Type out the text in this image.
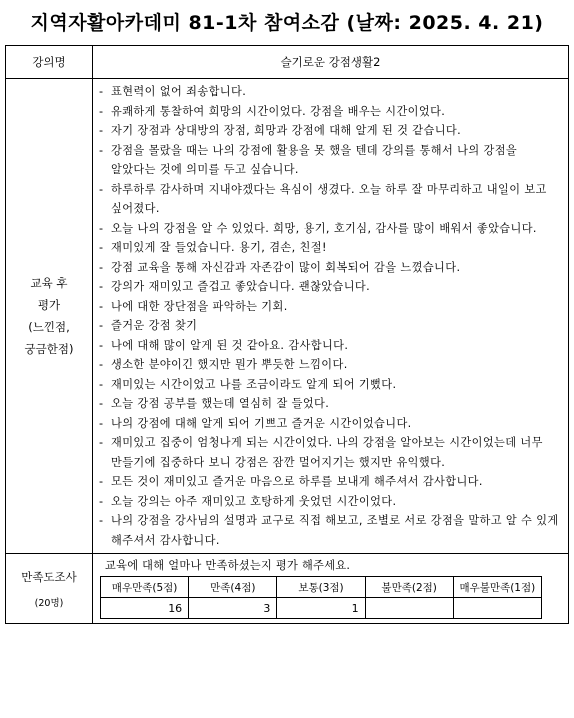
지역자활아카데미 81-1차 참여소감 (날짜: 2025. 4. 21)
강의명	슬기로운 강점생활2

교육 후
평가
(느낀점,
궁금한점)

- 표현력이 없어 죄송합니다.
- 유쾌하게 통찰하여 희망의 시간이었다. 강점을 배우는 시간이었다.
- 자기 장점과 상대방의 장점, 희망과 강점에 대해 알게 된 것 같습니다.
- 강점을 몰랐을 때는 나의 강점에 활용을 못 했을 텐데 강의를 통해서 나의 강점을 알았다는 것에 의미를 두고 싶습니다.
- 하루하루 감사하며 지내야겠다는 욕심이 생겼다. 오늘 하루 잘 마무리하고 내일이 보고 싶어졌다.
- 오늘 나의 강점을 알 수 있었다. 희망, 용기, 호기심, 감사를 많이 배워서 좋았습니다.
- 재미있게 잘 들었습니다. 용기, 겸손, 친절!
- 강점 교육을 통해 자신감과 자존감이 많이 회복되어 감을 느꼈습니다.
- 강의가 재미있고 즐겁고 좋았습니다. 괜찮았습니다.
- 나에 대한 장단점을 파악하는 기회.
- 즐거운 강점 찾기
- 나에 대해 많이 알게 된 것 같아요. 감사합니다.
- 생소한 분야이긴 했지만 뭔가 뿌듯한 느낌이다.
- 재미있는 시간이었고 나를 조금이라도 알게 되어 기뻤다.
- 오늘 강점 공부를 했는데 열심히 잘 들었다.
- 나의 강점에 대해 알게 되어 기쁘고 즐거운 시간이었습니다.
- 재미있고 집중이 엄청나게 되는 시간이었다. 나의 강점을 알아보는 시간이었는데 너무 만들기에 집중하다 보니 강점은 잠깐 멀어지기는 했지만 유익했다.
- 모든 것이 재미있고 즐거운 마음으로 하루를 보내게 해주셔서 감사합니다.
- 오늘 강의는 아주 재미있고 호탕하게 웃었던 시간이었다.
- 나의 강점을 강사님의 설명과 교구로 직접 해보고, 조별로 서로 강점을 말하고 알 수 있게 해주셔서 감사합니다.

만족도조사
(20명)

교육에 대해 얼마나 만족하셨는지 평가 해주세요.
매우만족(5점)	만족(4점)	보통(3점)	불만족(2점)	매우불만족(1점)
16	3	1		
